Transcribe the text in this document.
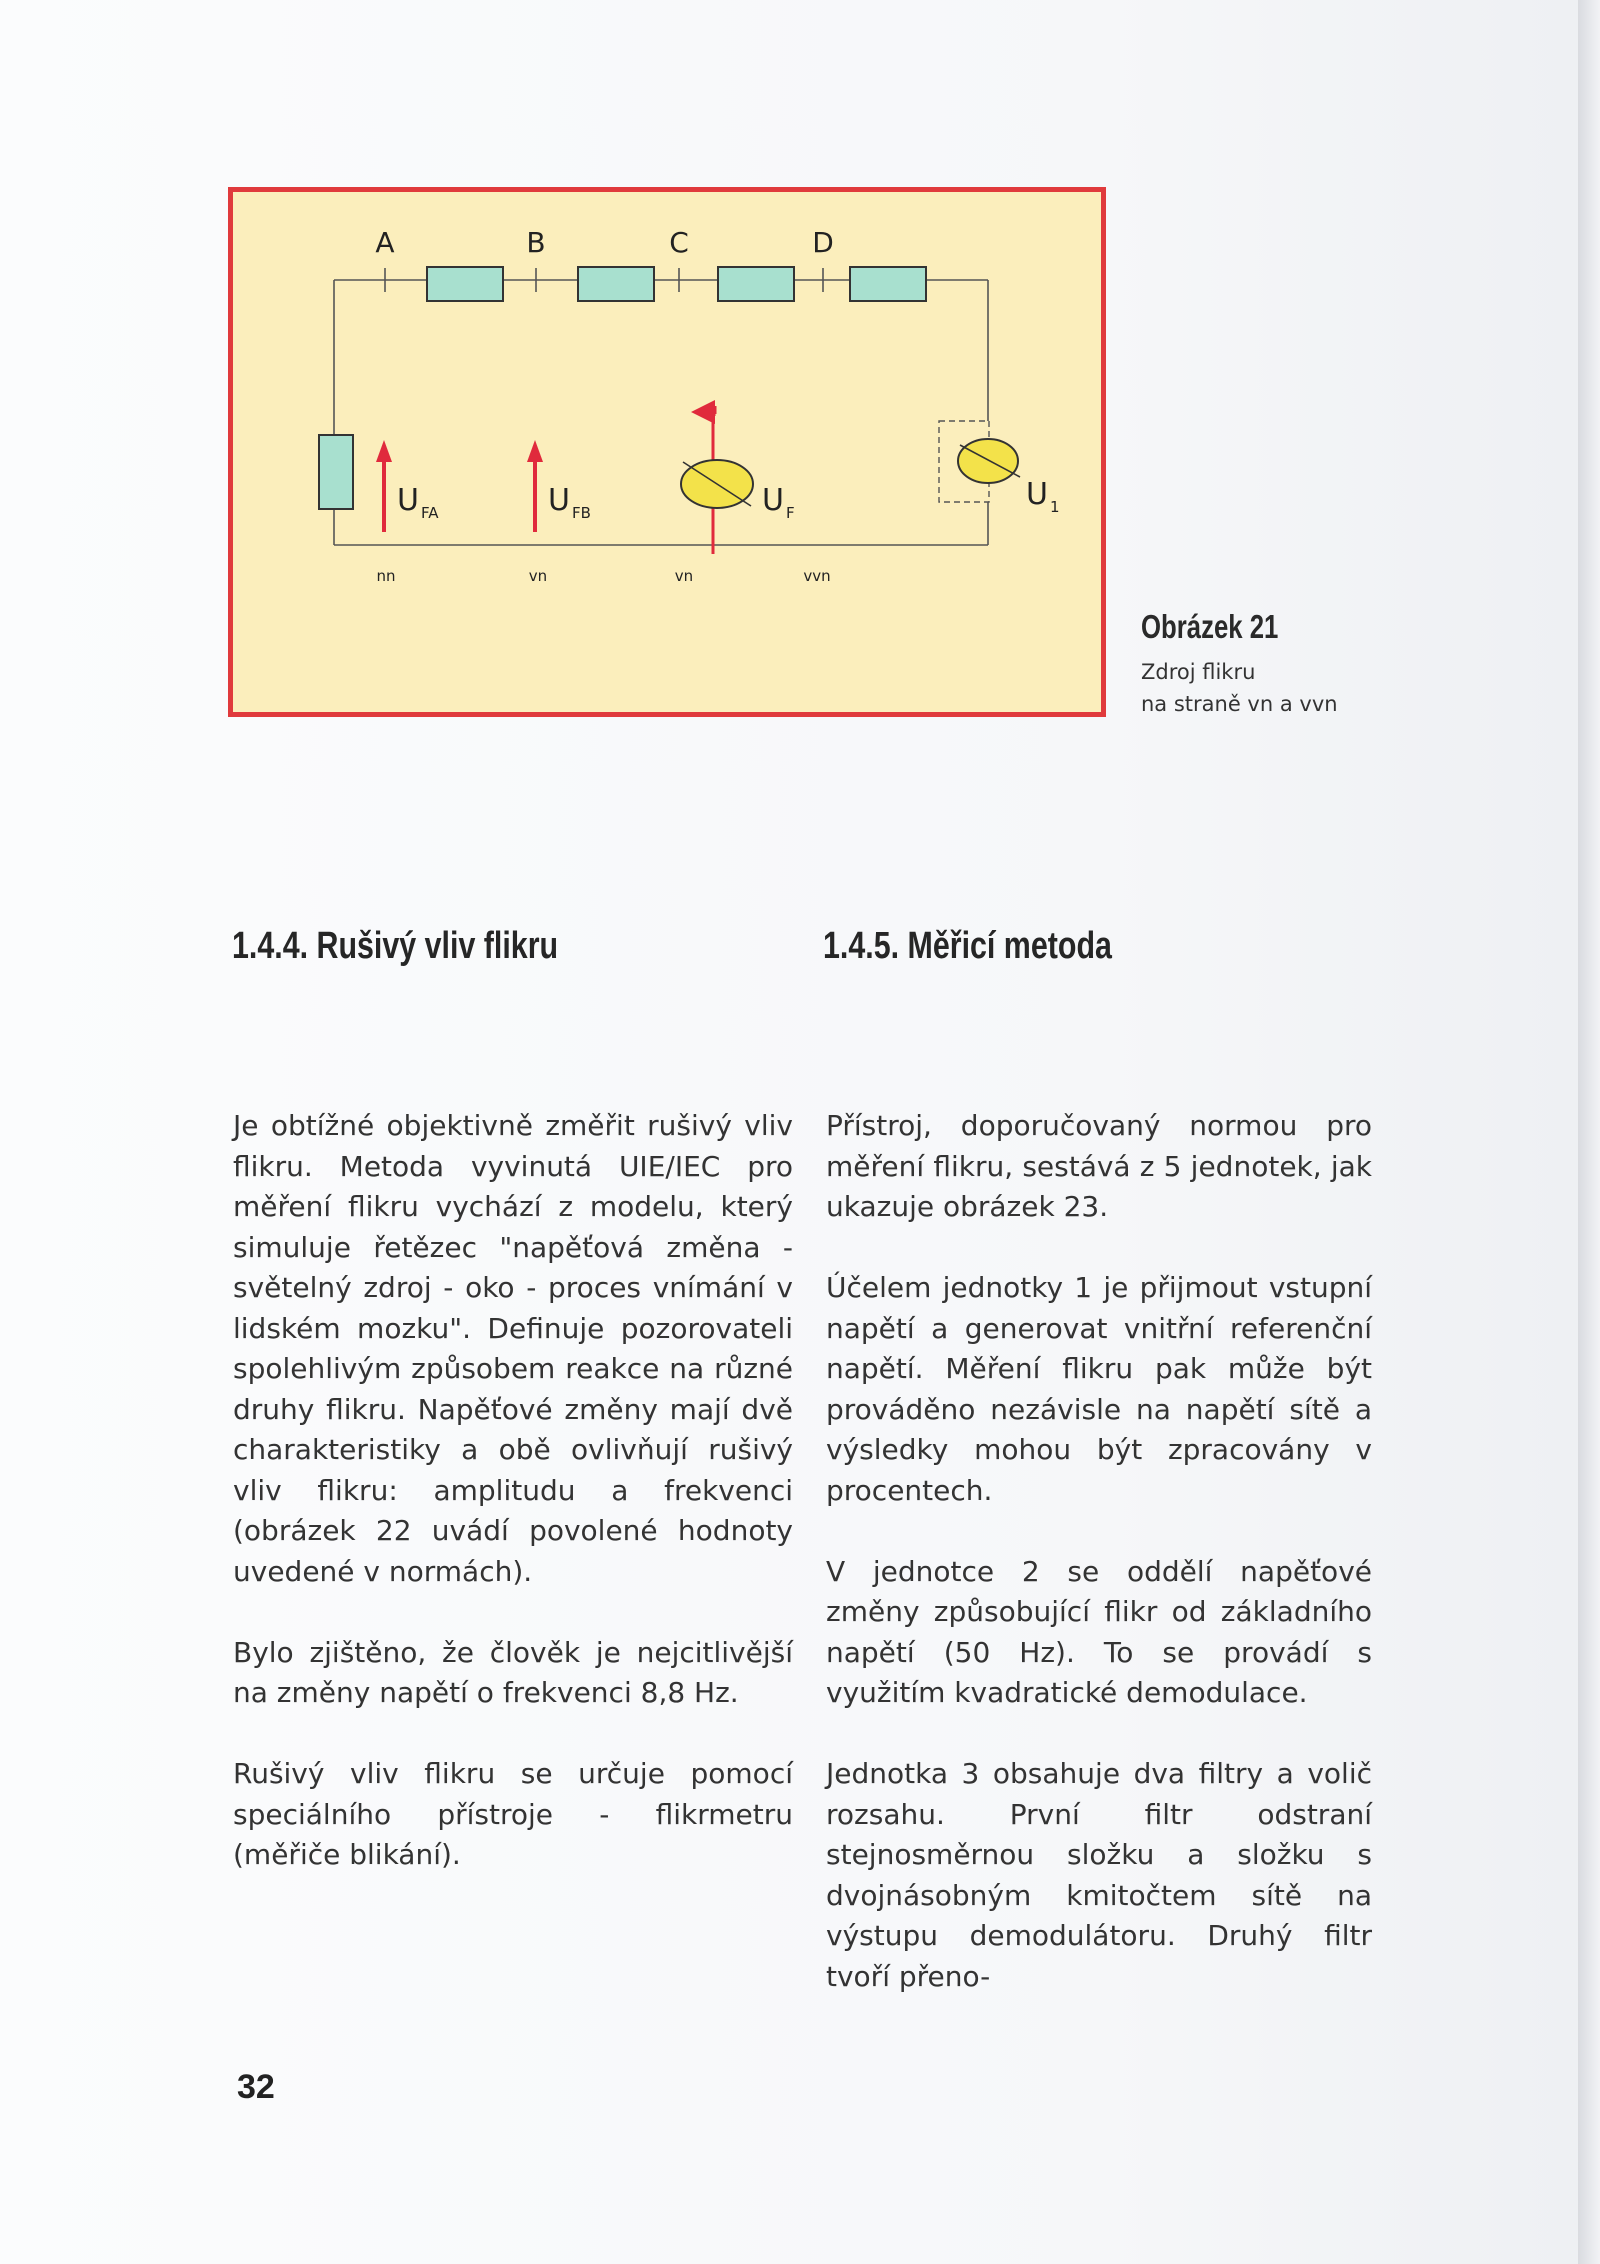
A	B	C	D
U $_{FA}$	U $_{FB}$	U $_F$
U $_1$
nn	vn	vn	vvn
Obrázek 21
Zdroj flikru
na straně vn a vvn
1.4.4. Rušivý vliv flikru	1.4.5. Měřicí metoda

Je obtížné objektivně změřit rušivý vliv flikru. Metoda vyvinutá UIE/IEC pro měření flikru vychází z modelu, který simuluje řetězec "napěťová změna - světelný zdroj - oko - proces vnímání v lidském mozku". Definuje pozorovateli spolehlivým způsobem reakce na různé druhy flikru. Napěťové změny mají dvě charakteristiky a obě ovlivňují rušivý vliv flikru: amplitudu a frekvenci (obrázek 22 uvádí povolené hodnoty uvedené v normách).

Bylo zjištěno, že člověk je nejcitlivější na změny napětí o frekvenci 8,8 Hz.

Rušivý vliv flikru se určuje pomocí speciálního přístroje - flikrmetru (měřiče blikání).

Přístroj, doporučovaný normou pro měření flikru, sestává z 5 jednotek, jak ukazuje obrázek 23.

Účelem jednotky 1 je přijmout vstupní napětí a generovat vnitřní referenční napětí. Měření flikru pak může být prováděno nezávisle na napětí sítě a výsledky mohou být zpracovány v procentech.

V jednotce 2 se oddělí napěťové změny způsobující flikr od základního napětí (50 Hz). To se provádí s využitím kvadratické demodulace.

Jednotka 3 obsahuje dva filtry a volič rozsahu. První filtr odstraní stejnosměrnou složku a složku s dvojnásobným kmitočtem sítě na výstupu demodulátoru. Druhý filtr tvoří přeno-

32
